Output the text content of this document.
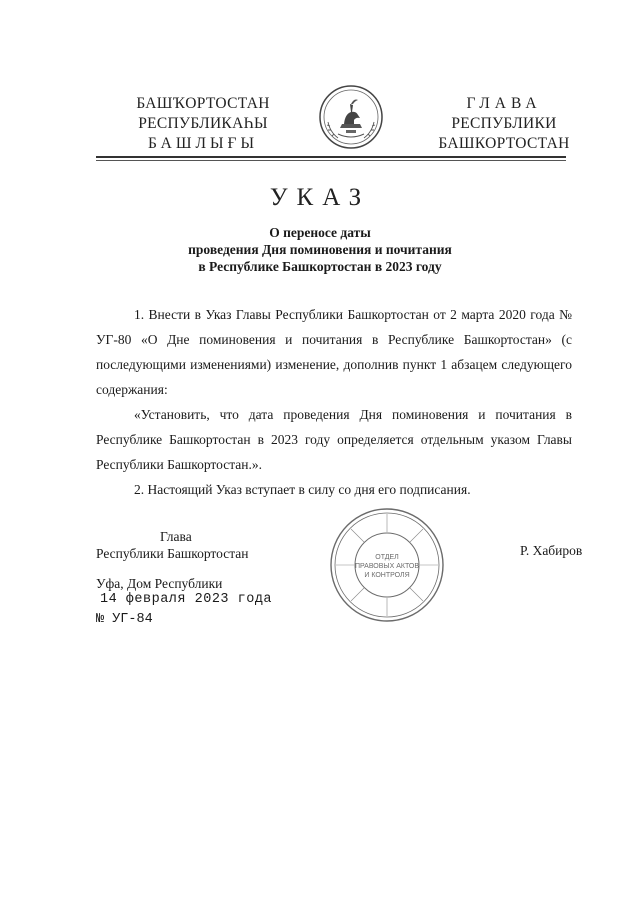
БАШҠОРТОСТАН
РЕСПУБЛИКАҺЫ
БАШЛЫҒЫ
ГЛАВА
РЕСПУБЛИКИ
БАШКОРТОСТАН
УКАЗ
О переносе даты
проведения Дня поминовения и почитания
в Республике Башкортостан в 2023 году

1. Внести в Указ Главы Республики Башкортостан от 2 марта 2020 года № УГ-80 «О Дне поминовения и почитания в Республике Башкортостан» (с последующими изменениями) изменение, дополнив пункт 1 абзацем следующего содержания:

«Установить, что дата проведения Дня поминовения и почитания в Республике Башкортостан в 2023 году определяется отдельным указом Главы Республики Башкортостан.».

2. Настоящий Указ вступает в силу со дня его подписания.

Глава
Республики Башкортостан	ОТДЕЛ
ПРАВОВЫХ АКТОВ
И КОНТРОЛЯ
Р. Хабиров
Уфа, Дом Республики
14 февраля 2023 года
№ УГ-84
